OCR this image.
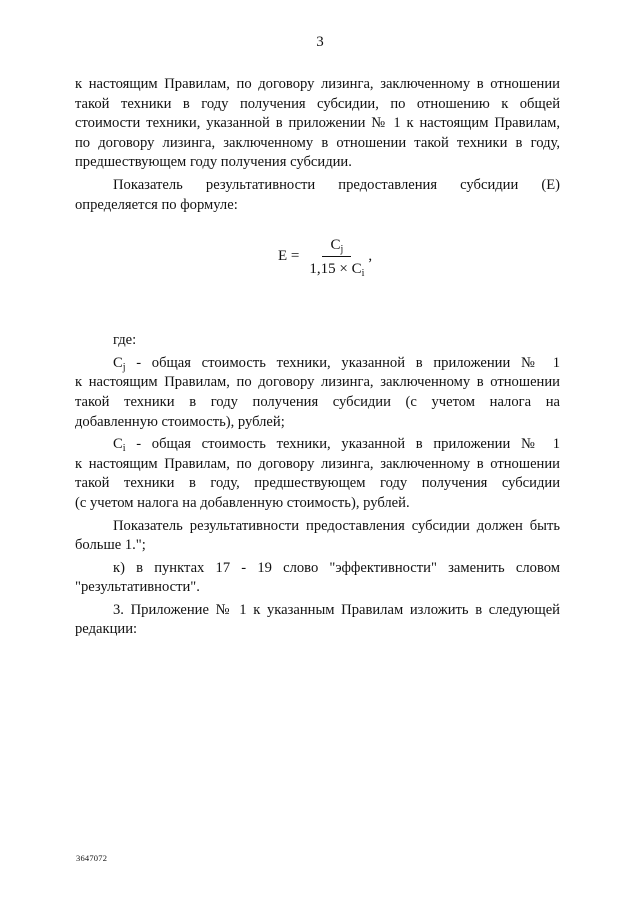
3

к настоящим Правилам, по договору лизинга, заключенному в отношении

такой техники в году получения субсидии, по отношению к общей

стоимости техники, указанной в приложении № 1 к настоящим Правилам,

по договору лизинга, заключенному в отношении такой техники в году,

предшествующем году получения субсидии.

Показатель результативности предоставления субсидии (Е)

определяется по формуле:

$E = \frac{C_j}{1,15 \times C_i}$ ,

где:

$C_j$ - общая стоимость техники, указанной в приложении № 1

к настоящим Правилам, по договору лизинга, заключенному в отношении

такой техники в году получения субсидии (с учетом налога на

добавленную стоимость), рублей;

$C_i$ - общая стоимость техники, указанной в приложении № 1

к настоящим Правилам, по договору лизинга, заключенному в отношении

такой техники в году, предшествующем году получения субсидии

(с учетом налога на добавленную стоимость), рублей.

Показатель результативности предоставления субсидии должен быть

больше 1.";

к) в пунктах 17 - 19 слово "эффективности" заменить словом

"результативности".

3. Приложение № 1 к указанным Правилам изложить в следующей

редакции:

3647072
